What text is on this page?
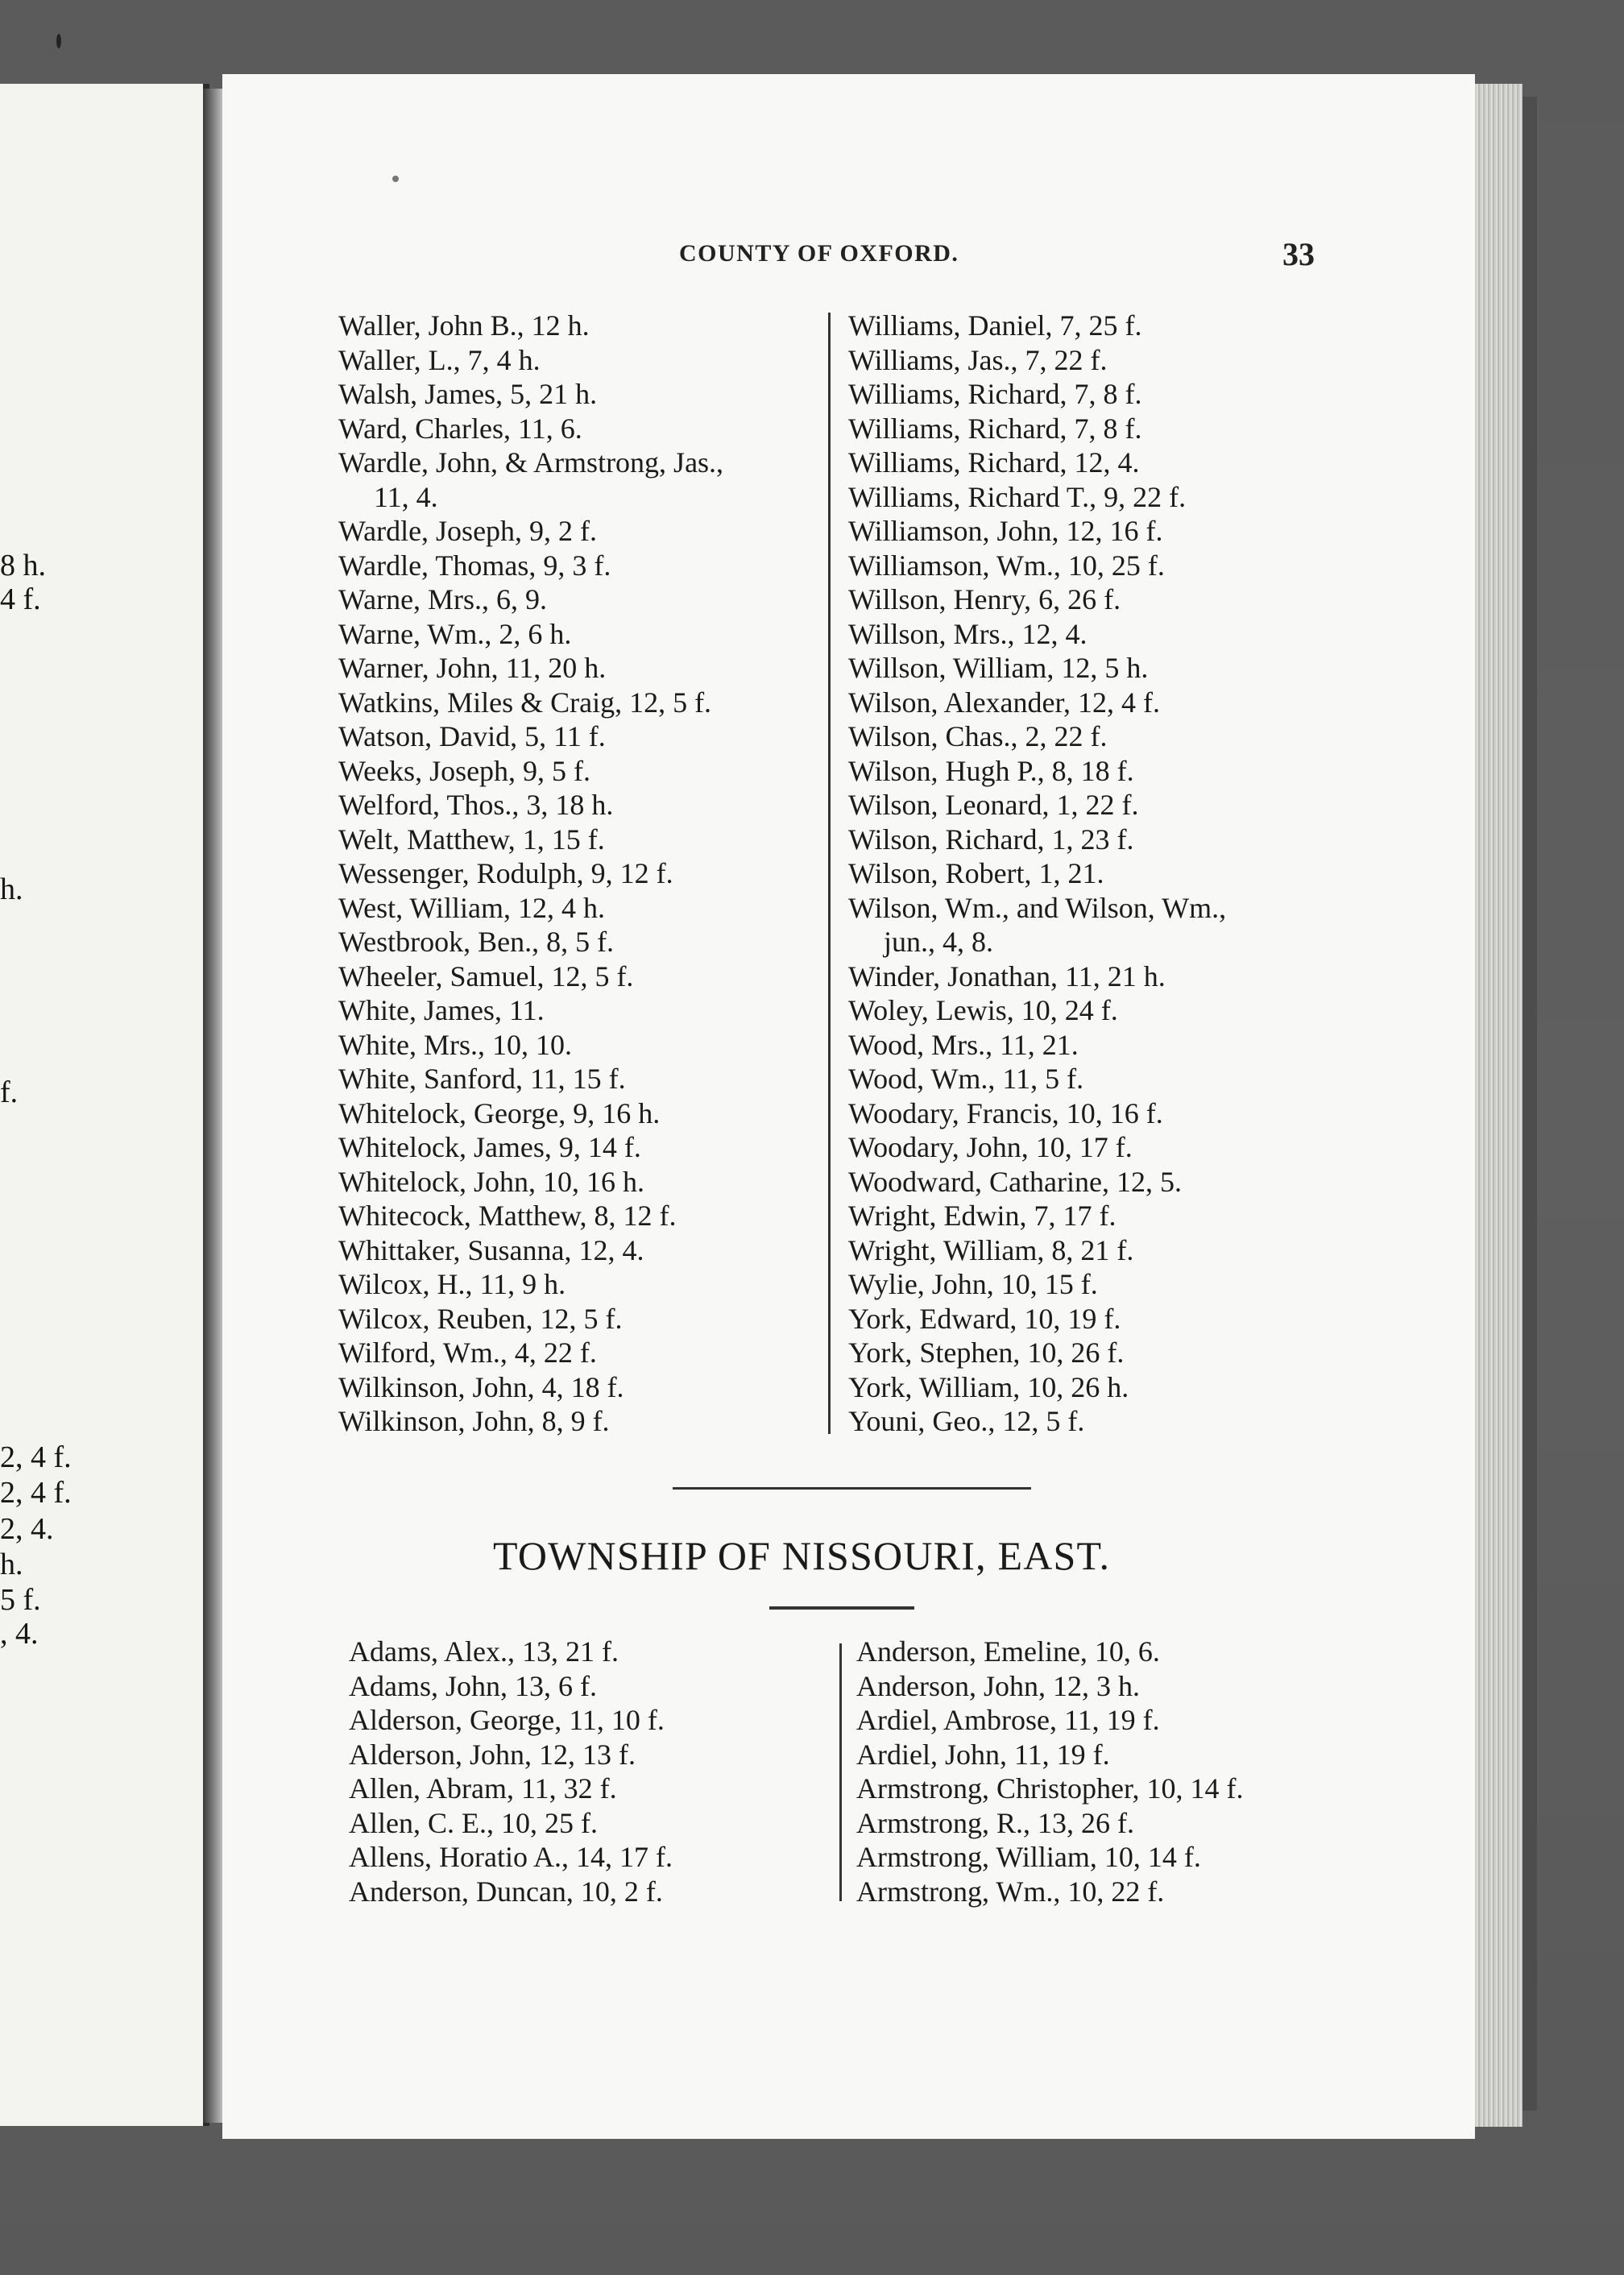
8 h.
4 f.
h.
f.
2, 4 f.
2, 4 f.
2, 4.
h.
5 f.
, 4.
COUNTY OF OXFORD.	33
Waller, John B., 12 h.
Waller, L., 7, 4 h.
Walsh, James, 5, 21 h.
Ward, Charles, 11, 6.
Wardle, John, & Armstrong, Jas.,
11, 4.
Wardle, Joseph, 9, 2 f.
Wardle, Thomas, 9, 3 f.
Warne, Mrs., 6, 9.
Warne, Wm., 2, 6 h.
Warner, John, 11, 20 h.
Watkins, Miles & Craig, 12, 5 f.
Watson, David, 5, 11 f.
Weeks, Joseph, 9, 5 f.
Welford, Thos., 3, 18 h.
Welt, Matthew, 1, 15 f.
Wessenger, Rodulph, 9, 12 f.
West, William, 12, 4 h.
Westbrook, Ben., 8, 5 f.
Wheeler, Samuel, 12, 5 f.
White, James, 11.
White, Mrs., 10, 10.
White, Sanford, 11, 15 f.
Whitelock, George, 9, 16 h.
Whitelock, James, 9, 14 f.
Whitelock, John, 10, 16 h.
Whitecock, Matthew, 8, 12 f.
Whittaker, Susanna, 12, 4.
Wilcox, H., 11, 9 h.
Wilcox, Reuben, 12, 5 f.
Wilford, Wm., 4, 22 f.
Wilkinson, John, 4, 18 f.
Wilkinson, John, 8, 9 f.
Williams, Daniel, 7, 25 f.
Williams, Jas., 7, 22 f.
Williams, Richard, 7, 8 f.
Williams, Richard, 7, 8 f.
Williams, Richard, 12, 4.
Williams, Richard T., 9, 22 f.
Williamson, John, 12, 16 f.
Williamson, Wm., 10, 25 f.
Willson, Henry, 6, 26 f.
Willson, Mrs., 12, 4.
Willson, William, 12, 5 h.
Wilson, Alexander, 12, 4 f.
Wilson, Chas., 2, 22 f.
Wilson, Hugh P., 8, 18 f.
Wilson, Leonard, 1, 22 f.
Wilson, Richard, 1, 23 f.
Wilson, Robert, 1, 21.
Wilson, Wm., and Wilson, Wm.,
jun., 4, 8.
Winder, Jonathan, 11, 21 h.
Woley, Lewis, 10, 24 f.
Wood, Mrs., 11, 21.
Wood, Wm., 11, 5 f.
Woodary, Francis, 10, 16 f.
Woodary, John, 10, 17 f.
Woodward, Catharine, 12, 5.
Wright, Edwin, 7, 17 f.
Wright, William, 8, 21 f.
Wylie, John, 10, 15 f.
York, Edward, 10, 19 f.
York, Stephen, 10, 26 f.
York, William, 10, 26 h.
Youni, Geo., 12, 5 f.
TOWNSHIP OF NISSOURI, EAST.
Adams, Alex., 13, 21 f.
Adams, John, 13, 6 f.
Alderson, George, 11, 10 f.
Alderson, John, 12, 13 f.
Allen, Abram, 11, 32 f.
Allen, C. E., 10, 25 f.
Allens, Horatio A., 14, 17 f.
Anderson, Duncan, 10, 2 f.
Anderson, Emeline, 10, 6.
Anderson, John, 12, 3 h.
Ardiel, Ambrose, 11, 19 f.
Ardiel, John, 11, 19 f.
Armstrong, Christopher, 10, 14 f.
Armstrong, R., 13, 26 f.
Armstrong, William, 10, 14 f.
Armstrong, Wm., 10, 22 f.
